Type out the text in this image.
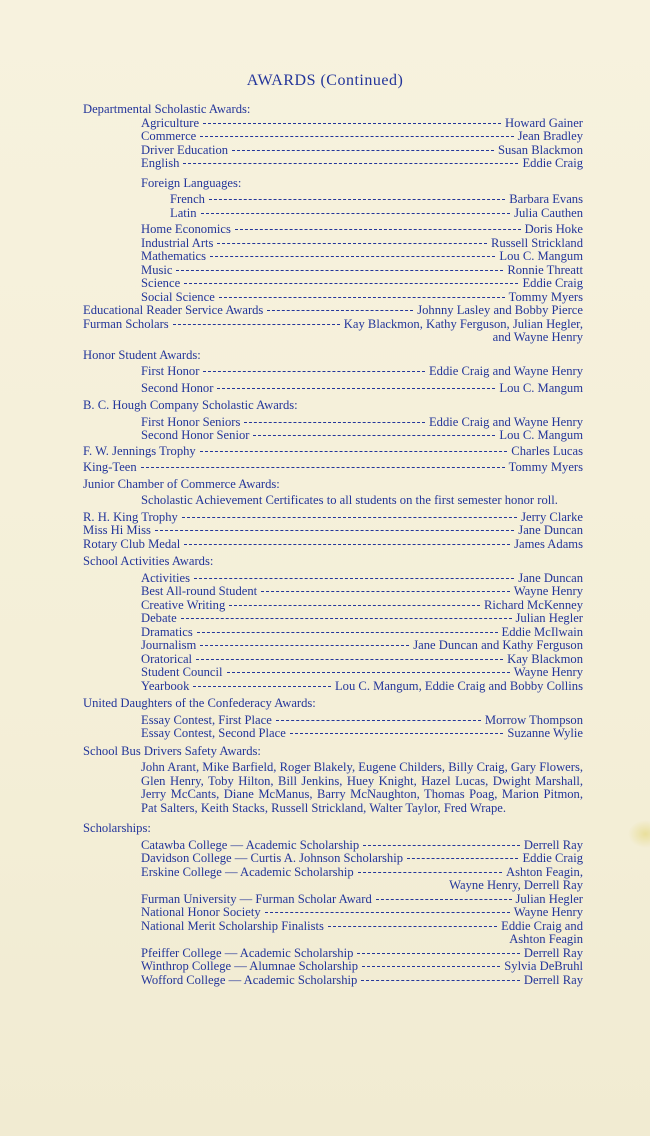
AWARDS (Continued)
Departmental Scholastic Awards:
Agriculture	Howard Gainer
Commerce	Jean Bradley
Driver Education	Susan Blackmon
English	Eddie Craig
Foreign Languages:
French	Barbara Evans
Latin	Julia Cauthen
Home Economics	Doris Hoke
Industrial Arts	Russell Strickland
Mathematics	Lou C. Mangum
Music	Ronnie Threatt
Science	Eddie Craig
Social Science	Tommy Myers
Educational Reader Service Awards	Johnny Lasley and Bobby Pierce
Furman Scholars	Kay Blackmon, Kathy Ferguson, Julian Hegler,
and Wayne Henry
Honor Student Awards:
First Honor	Eddie Craig and Wayne Henry
Second Honor	Lou C. Mangum
B. C. Hough Company Scholastic Awards:
First Honor Seniors	Eddie Craig and Wayne Henry
Second Honor Senior	Lou C. Mangum
F. W. Jennings Trophy	Charles Lucas
King-Teen	Tommy Myers
Junior Chamber of Commerce Awards:
Scholastic Achievement Certificates to all students on the first semester honor roll.
R. H. King Trophy	Jerry Clarke
Miss Hi Miss	Jane Duncan
Rotary Club Medal	James Adams
School Activities Awards:
Activities	Jane Duncan
Best All-round Student	Wayne Henry
Creative Writing	Richard McKenney
Debate	Julian Hegler
Dramatics	Eddie McIlwain
Journalism	Jane Duncan and Kathy Ferguson
Oratorical	Kay Blackmon
Student Council	Wayne Henry
Yearbook	Lou C. Mangum, Eddie Craig and Bobby Collins
United Daughters of the Confederacy Awards:
Essay Contest, First Place	Morrow Thompson
Essay Contest, Second Place	Suzanne Wylie
School Bus Drivers Safety Awards:
John Arant, Mike Barfield, Roger Blakely, Eugene Childers, Billy Craig, Gary Flowers, Glen Henry, Toby Hilton, Bill Jenkins, Huey Knight, Hazel Lucas, Dwight Marshall, Jerry McCants, Diane McManus, Barry McNaughton, Thomas Poag, Marion Pitmon, Pat Salters, Keith Stacks, Russell Strickland, Walter Taylor, Fred Wrape.
Scholarships:
Catawba College — Academic Scholarship	Derrell Ray
Davidson College — Curtis A. Johnson Scholarship	Eddie Craig
Erskine College — Academic Scholarship	Ashton Feagin,
Wayne Henry, Derrell Ray
Furman University — Furman Scholar Award	Julian Hegler
National Honor Society	Wayne Henry
National Merit Scholarship Finalists	Eddie Craig and
Ashton Feagin
Pfeiffer College — Academic Scholarship	Derrell Ray
Winthrop College — Alumnae Scholarship	Sylvia DeBruhl
Wofford College — Academic Scholarship	Derrell Ray
